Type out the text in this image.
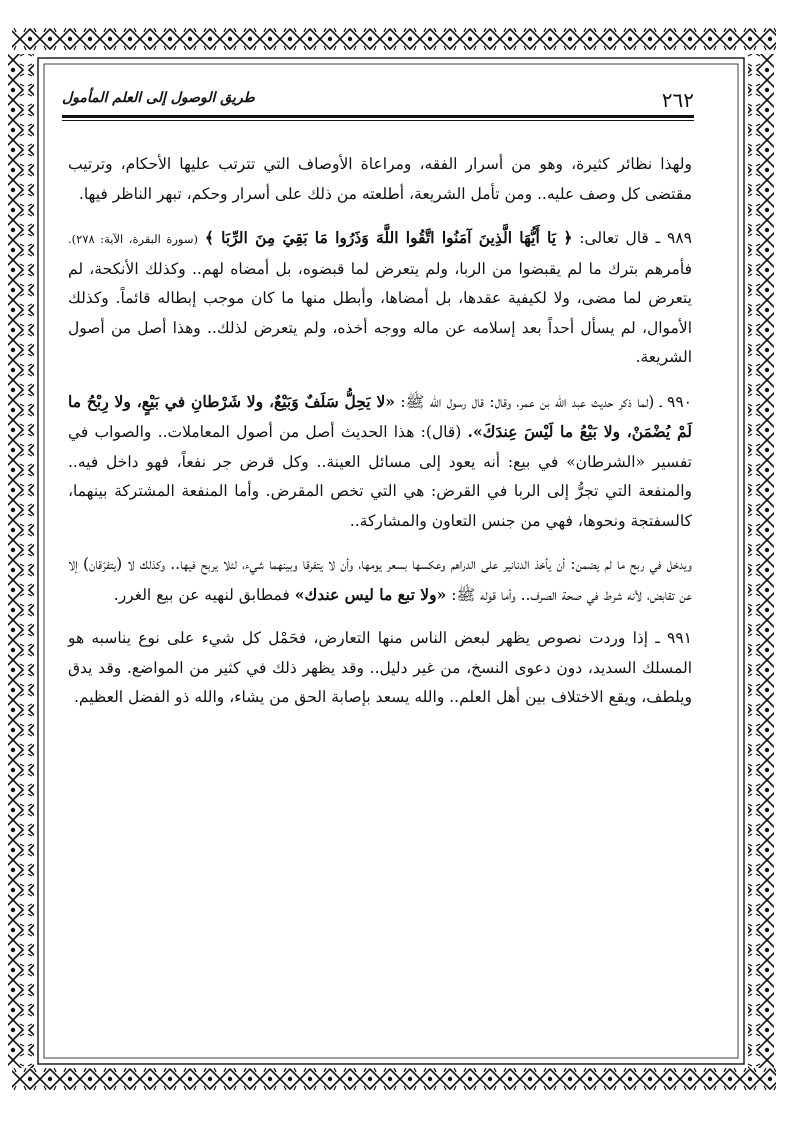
٢٦٢
طريق الوصول إلى العلم المأمول

ولهذا نظائر كثيرة، وهو من أسرار الفقه، ومراعاة الأوصاف التي تترتب عليها الأحكام، وترتيب مقتضى كل وصف عليه.. ومن تأمل الشريعة، أطلعته من ذلك على أسرار وحكم، تبهر الناظر فيها.

٩٨٩ ـ قال تعالى: ﴿ يَا أَيُّهَا الَّذِينَ آمَنُوا اتَّقُوا اللَّهَ وَذَرُوا مَا بَقِيَ مِنَ الرِّبَا ﴾ (سورة البقرة، الآية: ٢٧٨). فأمرهم بترك ما لم يقبضوا من الربا، ولم يتعرض لما قبضوه، بل أمضاه لهم.. وكذلك الأنكحة، لم يتعرض لما مضى، ولا لكيفية عقدها، بل أمضاها، وأبطل منها ما كان موجب إبطاله قائماً. وكذلك الأموال، لم يسأل أحداً بعد إسلامه عن ماله ووجه أخذه، ولم يتعرض لذلك.. وهذا أصل من أصول الشريعة.

٩٩٠ ـ (لما ذكر حديث عبد الله بن عمر، وقال: قال رسول الله ﷺ: «لا يَحِلُّ سَلَفٌ وَبَيْعٌ، ولا شَرْطانِ في بَيْعٍ، ولا رِبْحُ ما لَمْ يُضْمَنْ، ولا بَيْعُ ما لَيْسَ عِندَكَ». (قال): هذا الحديث أصل من أصول المعاملات.. والصواب في تفسير «الشرطان» في بيع: أنه يعود إلى مسائل العينة.. وكل قرض جر نفعاً، فهو داخل فيه.. والمنفعة التي تجرُّ إلى الربا في القرض: هي التي تخص المقرض. وأما المنفعة المشتركة بينهما، كالسفتجة ونحوها، فهي من جنس التعاون والمشاركة..

ويدخل في ربح ما لم يضمن: أن يأخذ الدنانير على الدراهم وعكسها بسعر يومها، وأن لا يتفرقا وبينهما شيء، لئلا يربح فيها.. وكذلك لا (يتفرّقان) إلا عن تقابض، لأنه شرط في صحة الصرف.. وأما قوله ﷺ: «ولا تبع ما ليس عندك» فمطابق لنهيه عن بيع الغرر.

٩٩١ ـ إذا وردت نصوص يظهر لبعض الناس منها التعارض، فحَمْل كل شيء على نوع يناسبه هو المسلك السديد، دون دعوى النسخ، من غير دليل.. وقد يظهر ذلك في كثير من المواضع. وقد يدق ويلطف، ويقع الاختلاف بين أهل العلم.. والله يسعد بإصابة الحق من يشاء، والله ذو الفضل العظيم.
